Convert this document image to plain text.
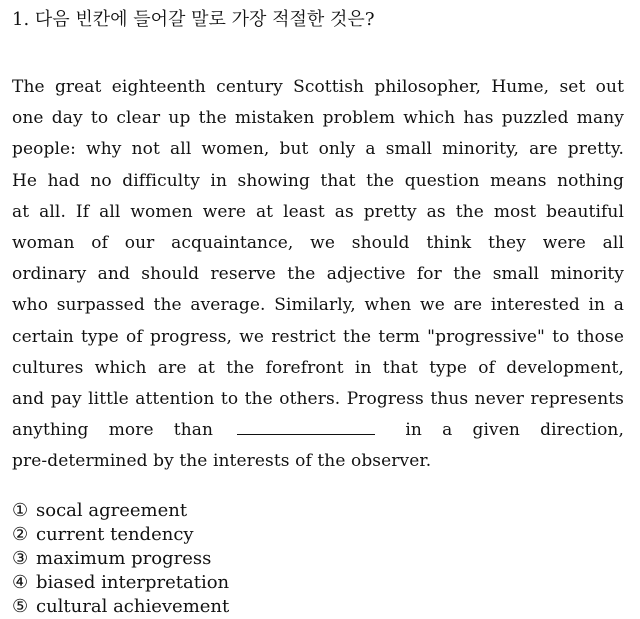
1. 다음 빈칸에 들어갈 말로 가장 적절한 것은?
The great eighteenth century Scottish philosopher, Hume, set out
one day to clear up the mistaken problem which has puzzled many
people: why not all women, but only a small minority, are pretty.
He had no difficulty in showing that the question means nothing
at all. If all women were at least as pretty as the most beautiful
woman of our acquaintance, we should think they were all
ordinary and should reserve the adjective for the small minority
who surpassed the average. Similarly, when we are interested in a
certain type of progress, we restrict the term "progressive" to those
cultures which are at the forefront in that type of development,
and pay little attention to the others. Progress thus never represents
anything more than	in a given direction,
pre-determined by the interests of the observer.
① socal agreement
② current tendency
③ maximum progress
④ biased interpretation
⑤ cultural achievement
